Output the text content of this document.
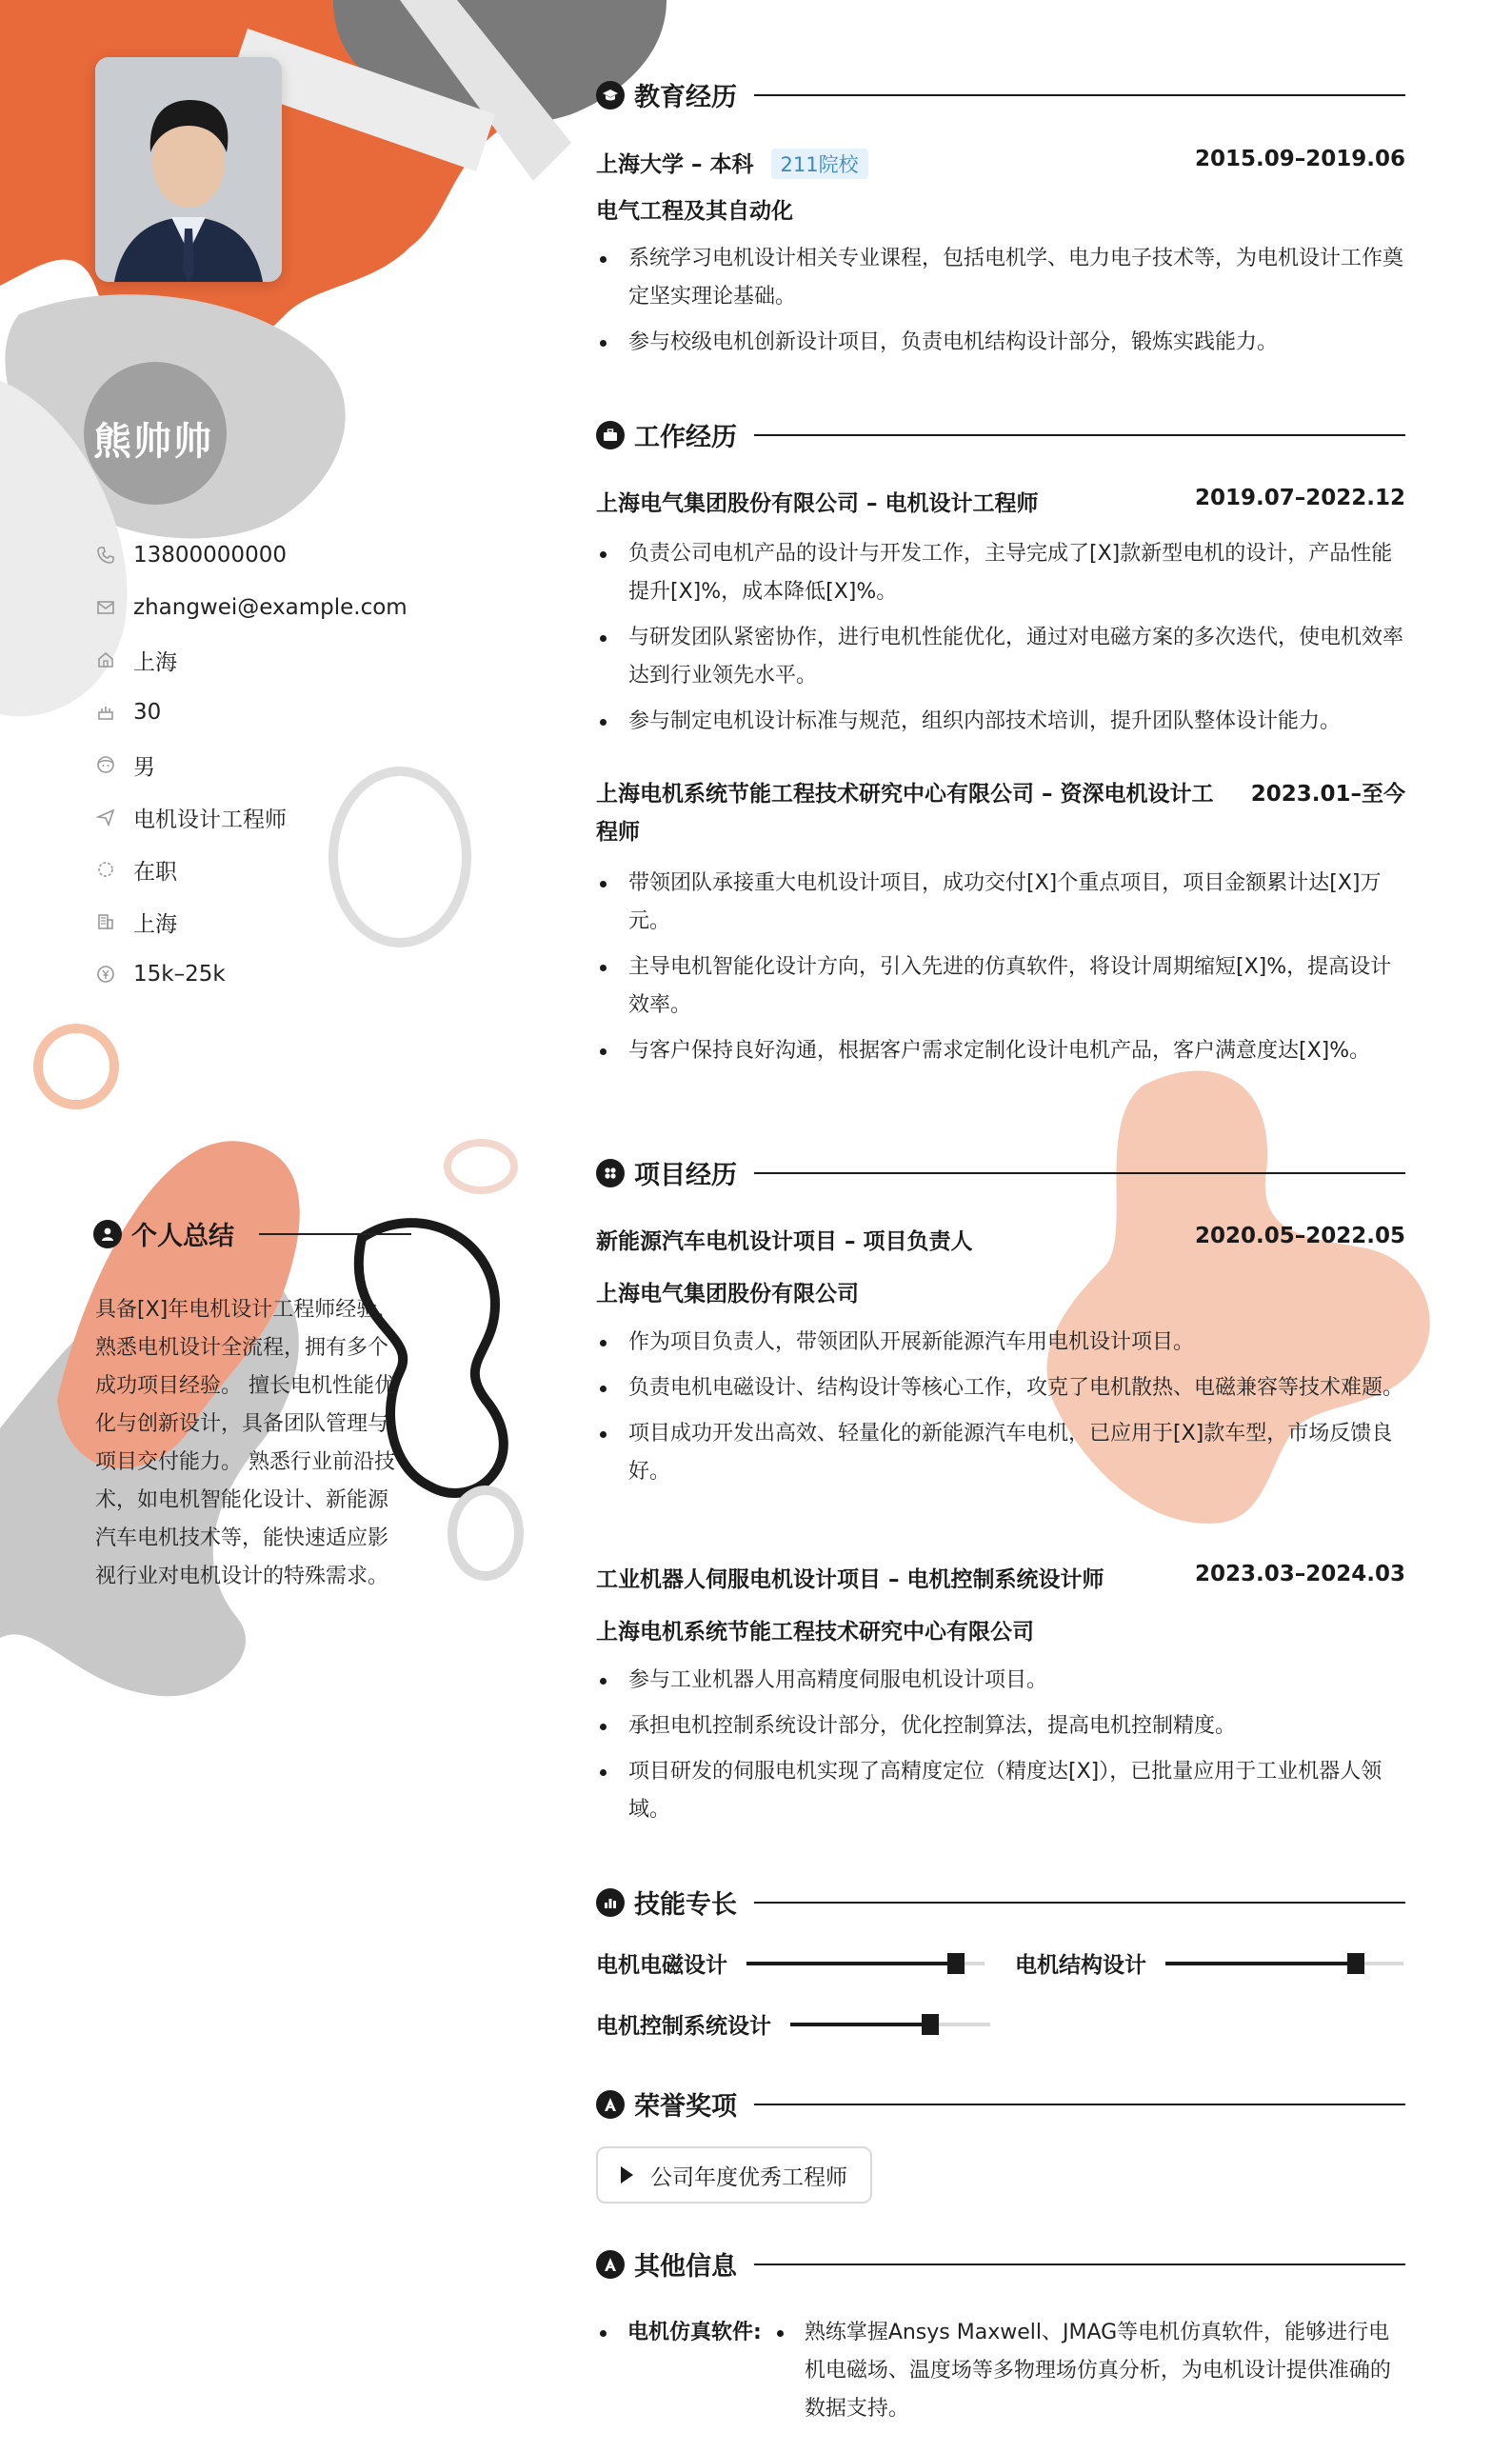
熊帅帅
13800000000
zhangwei@example.com
上海
30
男
电机设计工程师
在职
上海
15k–25k
个人总结
具备[X]年电机设计工程师经验，熟悉电机设计全流程，拥有多个成功项目经验。 擅长电机性能优化与创新设计，具备团队管理与项目交付能力。 熟悉行业前沿技术，如电机智能化设计、新能源汽车电机技术等，能快速适应影视行业对电机设计的特殊需求。
教育经历
上海大学 – 本科 211院校	2015.09–2019.06
电气工程及其自动化
系统学习电机设计相关专业课程，包括电机学、电力电子技术等，为电机设计工作奠定坚实理论基础。
参与校级电机创新设计项目，负责电机结构设计部分，锻炼实践能力。
工作经历
上海电气集团股份有限公司 – 电机设计工程师	2019.07–2022.12
负责公司电机产品的设计与开发工作，主导完成了[X]款新型电机的设计，产品性能提升[X]%，成本降低[X]%。
与研发团队紧密协作，进行电机性能优化，通过对电磁方案的多次迭代，使电机效率达到行业领先水平。
参与制定电机设计标准与规范，组织内部技术培训，提升团队整体设计能力。
上海电机系统节能工程技术研究中心有限公司 – 资深电机设计工程师
2023.01–至今
带领团队承接重大电机设计项目，成功交付[X]个重点项目，项目金额累计达[X]万元。
主导电机智能化设计方向，引入先进的仿真软件，将设计周期缩短[X]%，提高设计效率。
与客户保持良好沟通，根据客户需求定制化设计电机产品，客户满意度达[X]%。
项目经历
新能源汽车电机设计项目 – 项目负责人	2020.05–2022.05
上海电气集团股份有限公司
作为项目负责人，带领团队开展新能源汽车用电机设计项目。
负责电机电磁设计、结构设计等核心工作，攻克了电机散热、电磁兼容等技术难题。
项目成功开发出高效、轻量化的新能源汽车电机，已应用于[X]款车型，市场反馈良好。
工业机器人伺服电机设计项目 – 电机控制系统设计师	2023.03–2024.03
上海电机系统节能工程技术研究中心有限公司
参与工业机器人用高精度伺服电机设计项目。
承担电机控制系统设计部分，优化控制算法，提高电机控制精度。
项目研发的伺服电机实现了高精度定位（精度达[X]），已批量应用于工业机器人领域。
技能专长
电机电磁设计	电机结构设计
电机控制系统设计
荣誉奖项
公司年度优秀工程师
其他信息
电机仿真软件: 熟练掌握Ansys Maxwell、JMAG等电机仿真软件，能够进行电机电磁场、温度场等多物理场仿真分析，为电机设计提供准确的数据支持。
